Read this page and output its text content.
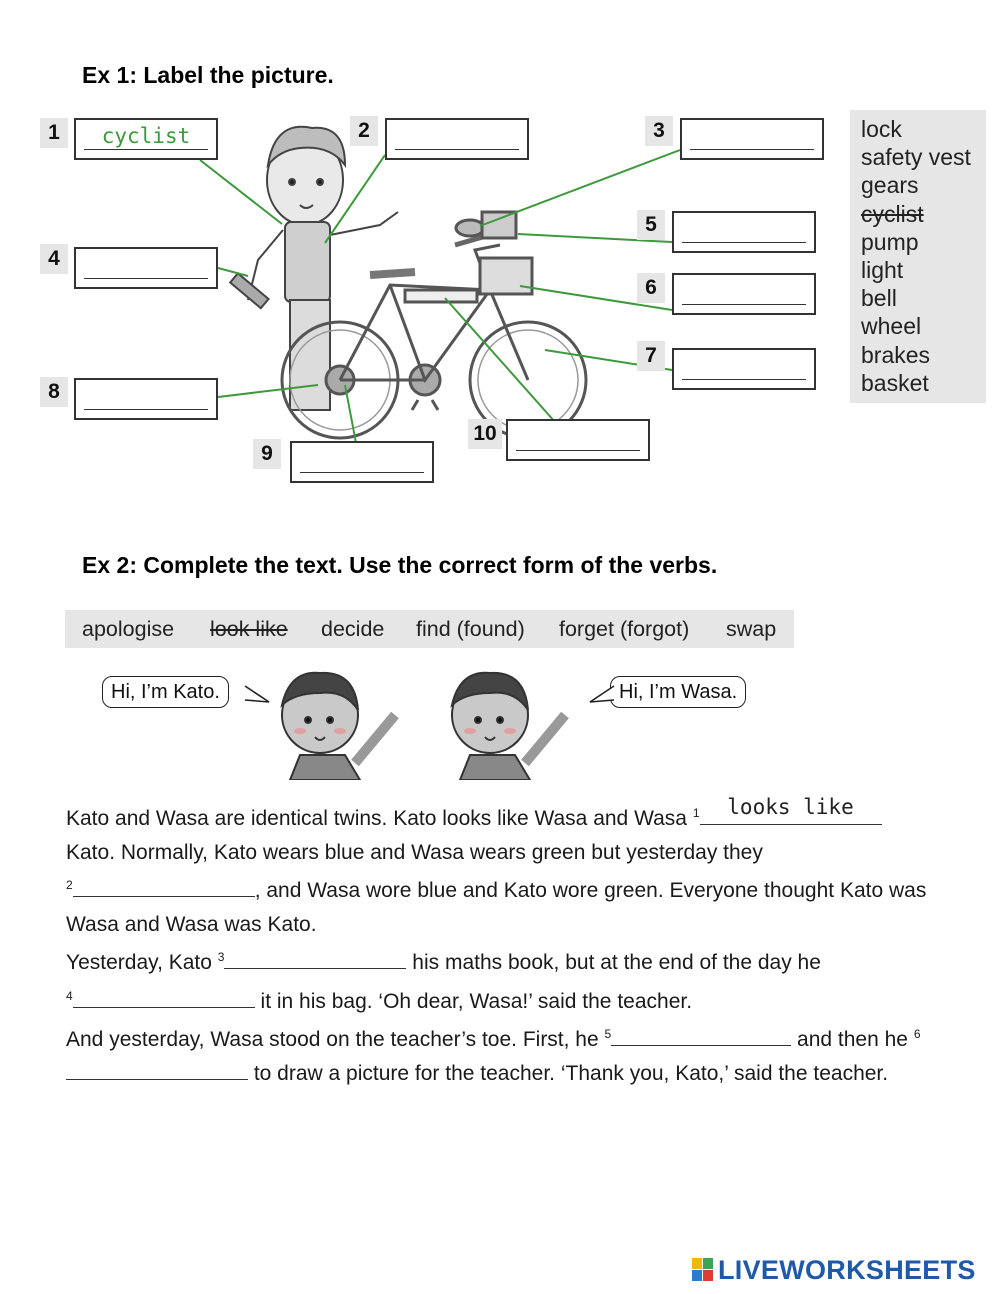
Ex 1: Label the picture.
1	cyclist	2	3
4
5
6
7
8
9
10
lock
safety vest
gears
cyclist
pump
light
bell
wheel
brakes
basket
Ex 2: Complete the text. Use the correct form of the verbs.
apologise look like decide find (found) forget (forgot) swap
Hi, I’m Kato.	Hi, I’m Wasa.
Kato and Wasa are identical twins. Kato looks like Wasa and Wasa $^1$	looks like

Kato. Normally, Kato wears blue and Wasa wears green but yesterday they
$^2$	, and Wasa wore blue and Kato wore green. Everyone thought Kato was Wasa and Wasa was Kato.
Yesterday, Kato $^3$	his maths book, but at the end of the day he
$^4$	it in his bag. ‘Oh dear, Wasa!’ said the teacher.
And yesterday, Wasa stood on the teacher’s toe. First, he $^5$	and then he $^6$
to draw a picture for the teacher. ‘Thank you, Kato,’ said the teacher.
LIVEWORKSHEETS
